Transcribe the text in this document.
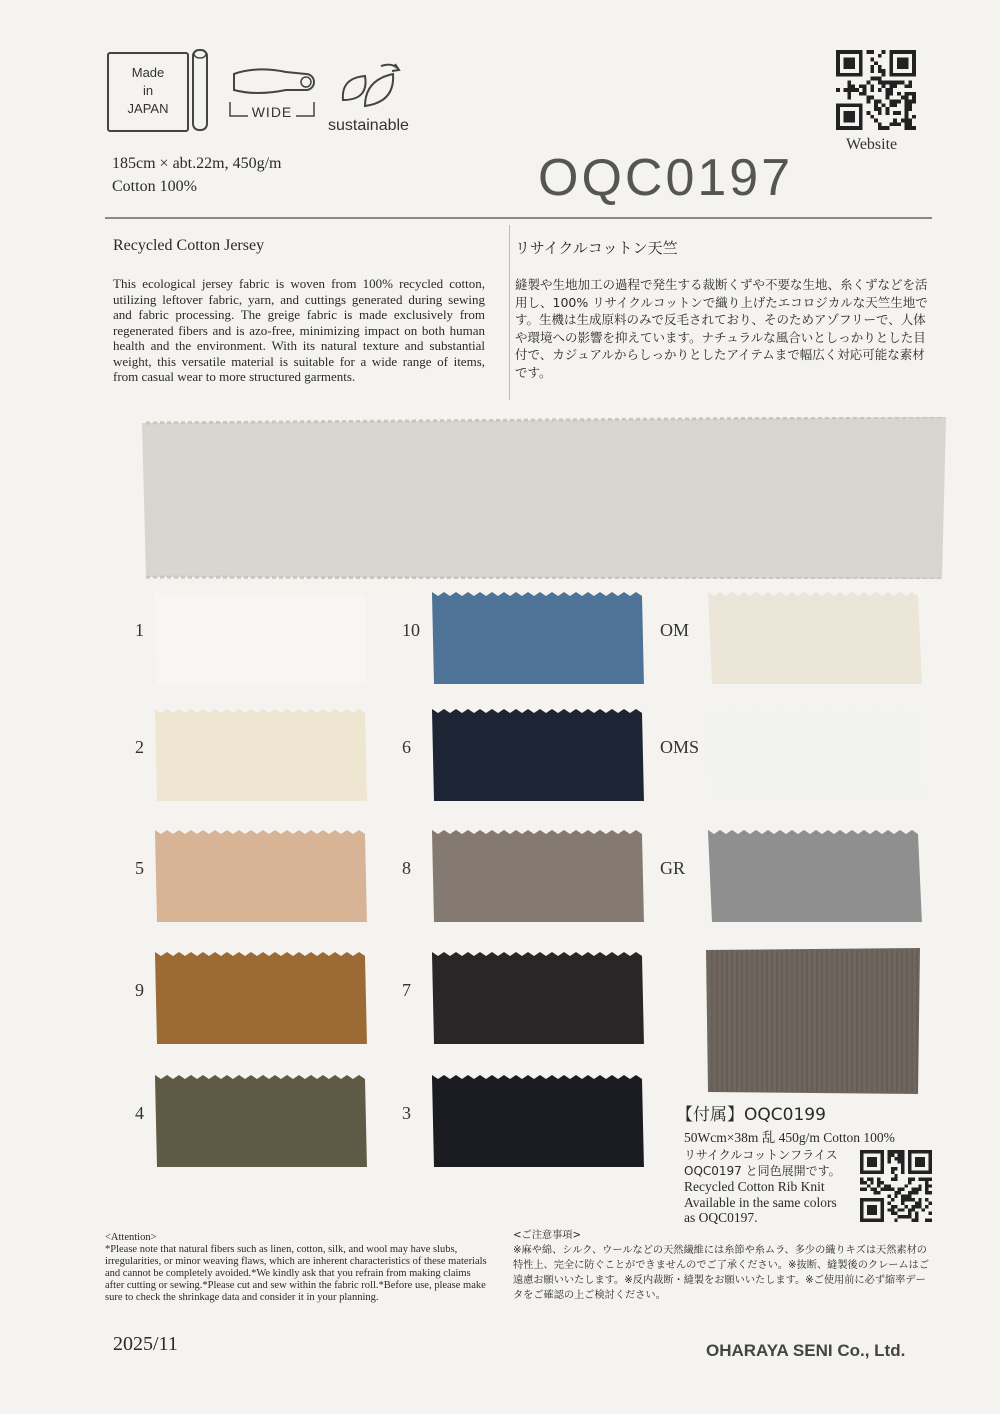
Made
in
JAPAN	WIDE
sustainable
Website
185cm × abt.22m, 450g/m
Cotton 100%	OQC0197
Recycled Cotton Jersey	リサイクルコットン天竺
This ecological jersey fabric is woven from 100% recycled cotton, utilizing leftover fabric, yarn, and cuttings generated during sewing and fabric processing. The greige fabric is made exclusively from regenerated fibers and is azo-free, minimizing impact on both human health and the environment. With its natural texture and substantial weight, this versatile material is suitable for a wide range of items, from casual wear to more structured garments.
縫製や生地加工の過程で発生する裁断くずや不要な生地、糸くずなどを活用し、100% リサイクルコットンで織り上げたエコロジカルな天竺生地です。生機は生成原料のみで反毛されており、そのためアゾフリーで、人体や環境への影響を抑えています。ナチュラルな風合いとしっかりとした目付で、カジュアルからしっかりとしたアイテムまで幅広く対応可能な素材です。
1
2
5
9
4
10
6
8
7
3
OM
OMS
GR
【付属】OQC0199
50Wcm×38m 乱 450g/m Cotton 100%
リサイクルコットンフライス
OQC0197 と同色展開です。
Recycled Cotton Rib Knit
Available in the same colors
as OQC0197.
<Attention>
*Please note that natural fibers such as linen, cotton, silk, and wool may have slubs, irregularities, or minor weaving flaws, which are inherent characteristics of these materials and cannot be completely avoided.*We kindly ask that you refrain from making claims after cutting or sewing.*Please cut and sew within the fabric roll.*Before use, please make sure to check the shrinkage data and consider it in your planning.
<ご注意事項>
※麻や綿、シルク、ウールなどの天然繊維には糸節や糸ムラ、多少の織りキズは天然素材の特性上、完全に防ぐことができませんのでご了承ください。※抜断、縫製後のクレームはご遠慮お願いいたします。※反内裁断・縫製をお願いいたします。※ご使用前に必ず縮率データをご確認の上ご検討ください。
2025/11	OHARAYA SENI Co., Ltd.
